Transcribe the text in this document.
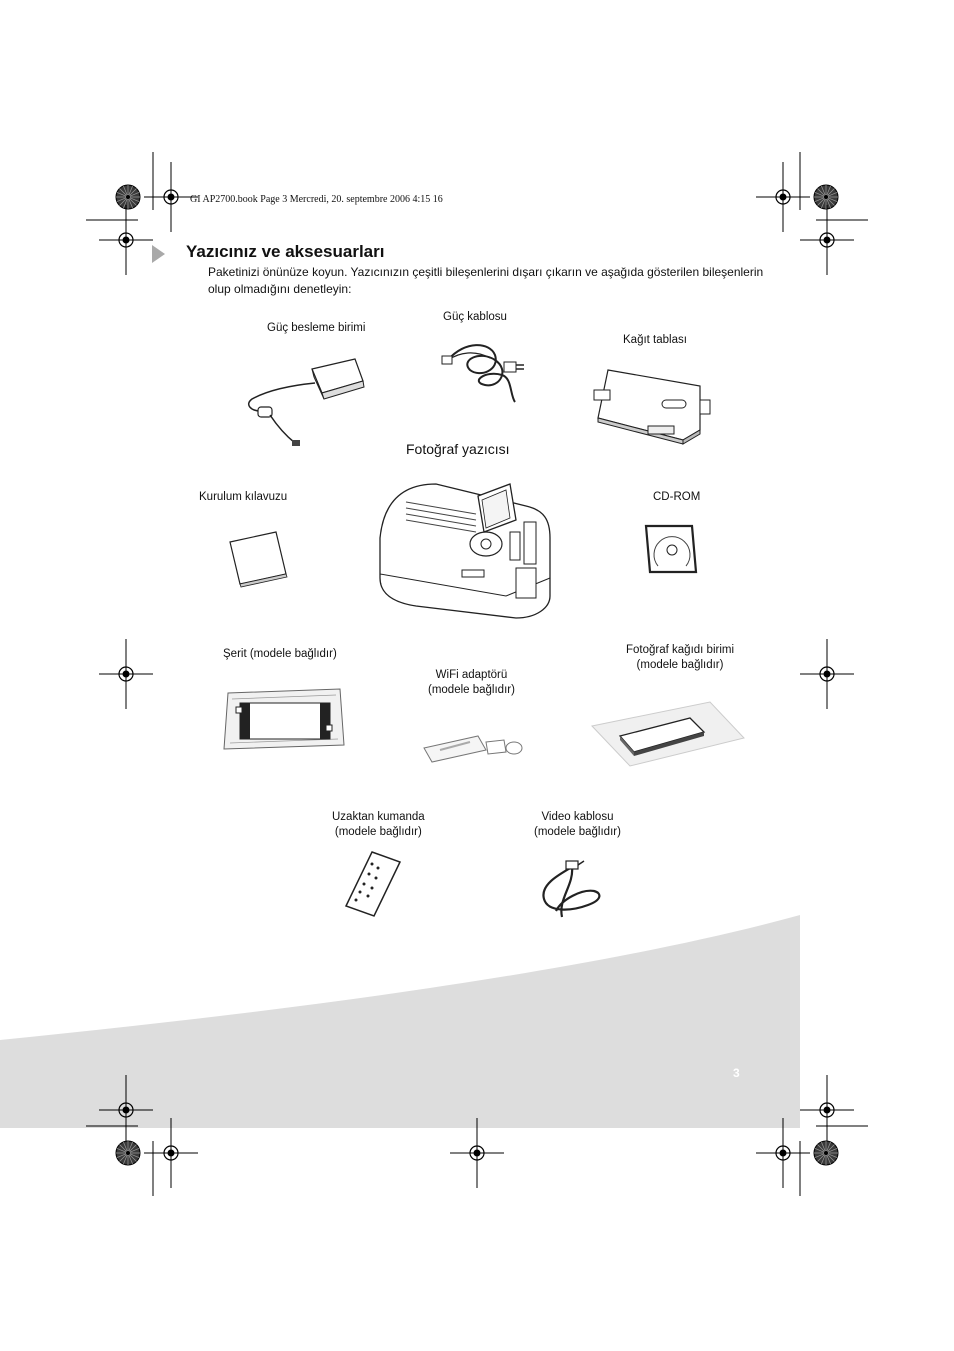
GI AP2700.book Page 3 Mercredi, 20. septembre 2006 4:15 16
Yazıcınız ve aksesuarları
Paketinizi önünüze koyun. Yazıcınızın çeşitli bileşenlerini dışarı çıkarın ve aşağıda gösterilen bileşenlerin olup olmadığını denetleyin:
Güç besleme birimi
Güç kablosu
Kağıt tablası
Fotoğraf yazıcısı
Kurulum kılavuzu	CD-ROM
Şerit (modele bağlıdır)
WiFi adaptörü
(modele bağlıdır)
Fotoğraf kağıdı birimi
(modele bağlıdır)
Uzaktan kumanda
(modele bağlıdır)
Video kablosu
(modele bağlıdır)
3
